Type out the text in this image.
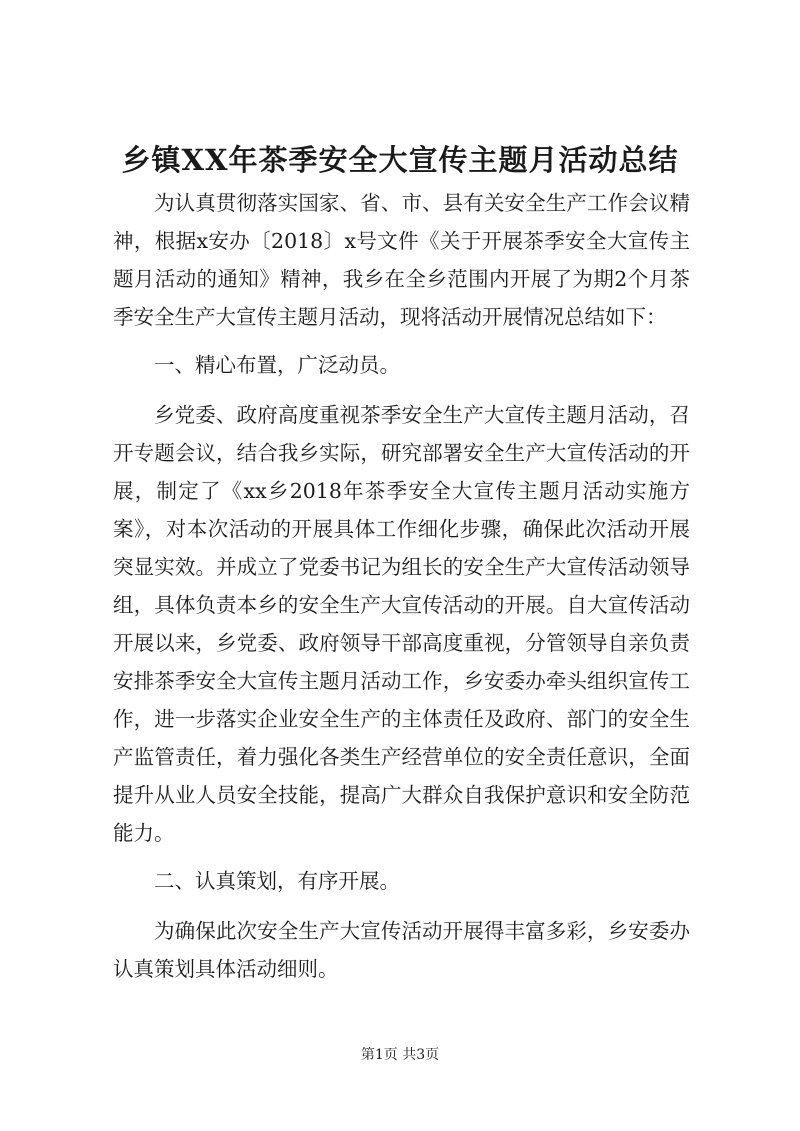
乡镇XX年茶季安全大宣传主题月活动总结

为认真贯彻落实国家、省、市、县有关安全生产工作会议精神，根据x安办〔2018〕x号文件《关于开展茶季安全大宣传主题月活动的通知》精神，我乡在全乡范围内开展了为期2个月茶季安全生产大宣传主题月活动，现将活动开展情况总结如下：

一、精心布置，广泛动员。

乡党委、政府高度重视茶季安全生产大宣传主题月活动，召开专题会议，结合我乡实际，研究部署安全生产大宣传活动的开展，制定了《xx乡2018年茶季安全大宣传主题月活动实施方案》，对本次活动的开展具体工作细化步骤，确保此次活动开展突显实效。并成立了党委书记为组长的安全生产大宣传活动领导组，具体负责本乡的安全生产大宣传活动的开展。自大宣传活动开展以来，乡党委、政府领导干部高度重视，分管领导自亲负责安排茶季安全大宣传主题月活动工作，乡安委办牵头组织宣传工作，进一步落实企业安全生产的主体责任及政府、部门的安全生产监管责任，着力强化各类生产经营单位的安全责任意识，全面提升从业人员安全技能，提高广大群众自我保护意识和安全防范能力。

二、认真策划，有序开展。

为确保此次安全生产大宣传活动开展得丰富多彩，乡安委办认真策划具体活动细则。

第1页 共3页
